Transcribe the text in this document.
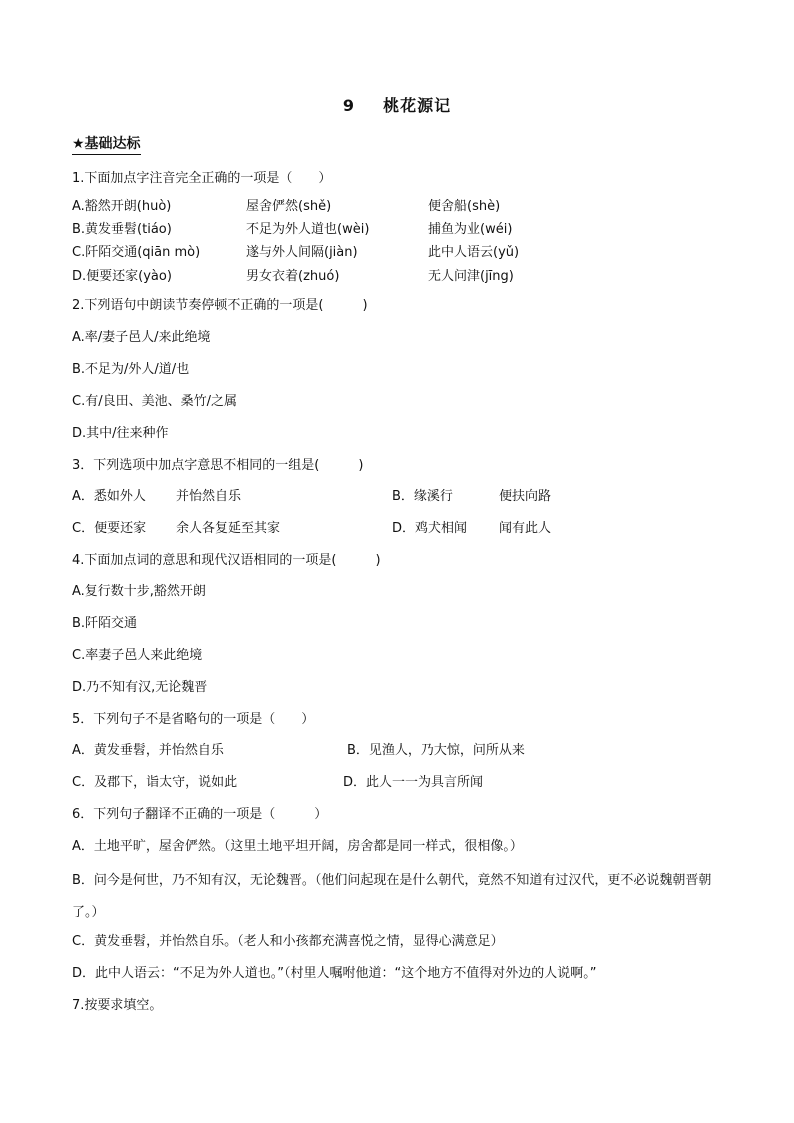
9 桃花源记
★基础达标
1.下面加点字注音完全正确的一项是（　　）
A.豁然开朗(huò)	屋舍俨然(shě)	便舍船(shè)
B.黄发垂髫(tiáo)	不足为外人道也(wèi)	捕鱼为业(wéi)
C.阡陌交通(qiān mò)	遂与外人间隔(jiàn)	此中人语云(yǔ)
D.便要还家(yào)	男女衣着(zhuó)	无人问津(jīng)
2.下列语句中朗读节奏停顿不正确的一项是(　　　)
A.率/妻子邑人/来此绝境
B.不足为/外人/道/也
C.有/良田、美池、桑竹/之属
D.其中/往来种作
3．下列选项中加点字意思不相同的一组是(　　　)
A．悉如外人 并怡然自乐	B．缘溪行	便扶向路
C．便要还家 余人各复延至其家	D．鸡犬相闻 闻有此人
4.下面加点词的意思和现代汉语相同的一项是(　　　)
A.复行数十步,豁然开朗
B.阡陌交通
C.率妻子邑人来此绝境
D.乃不知有汉,无论魏晋
5．下列句子不是省略句的一项是（　　）
A．黄发垂髫，并怡然自乐	B．见渔人，乃大惊，问所从来
C．及郡下，诣太守，说如此	D．此人一一为具言所闻
6．下列句子翻译不正确的一项是（　　　）
A．土地平旷，屋舍俨然。（这里土地平坦开阔，房舍都是同一样式，很相像。）
B．问今是何世，乃不知有汉，无论魏晋。（他们问起现在是什么朝代，竟然不知道有过汉代，更不必说魏朝晋朝了。）
C．黄发垂髫，并怡然自乐。（老人和小孩都充满喜悦之情，显得心满意足）
D．此中人语云：“不足为外人道也。”（村里人嘱咐他道：“这个地方不值得对外边的人说啊。”
7.按要求填空。
